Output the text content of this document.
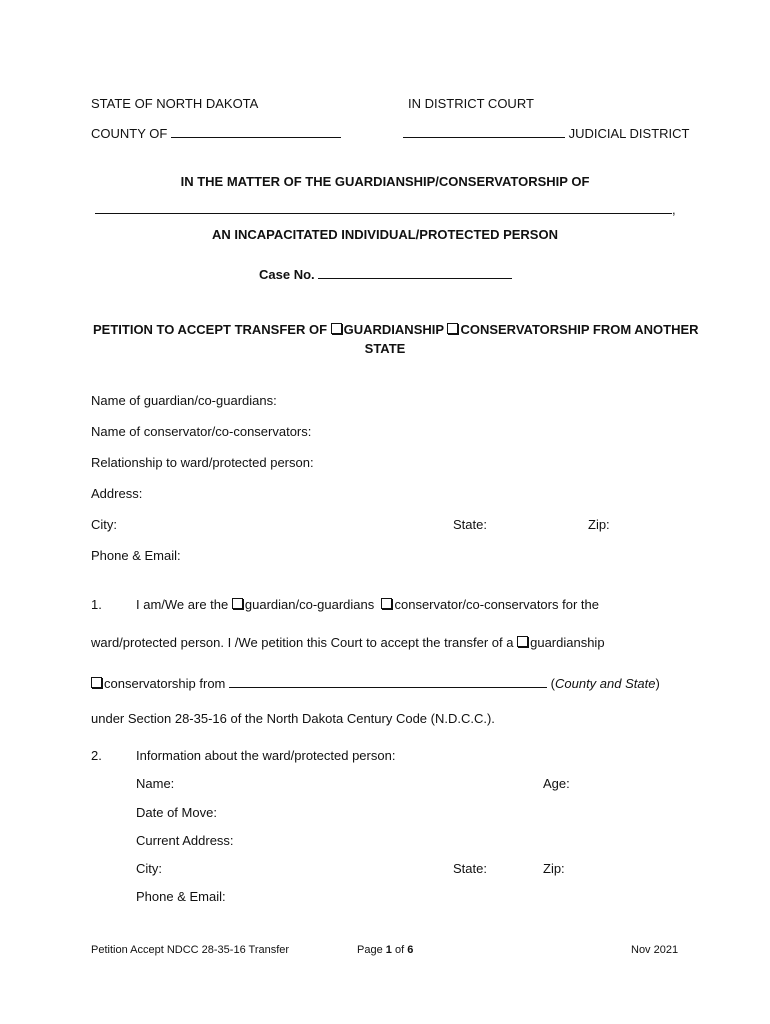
STATE OF NORTH DAKOTA	IN DISTRICT COURT
COUNTY OF	JUDICIAL DISTRICT
IN THE MATTER OF THE GUARDIANSHIP/CONSERVATORSHIP OF
,
AN INCAPACITATED INDIVIDUAL/PROTECTED PERSON
Case No.
PETITION TO ACCEPT TRANSFER OF GUARDIANSHIP CONSERVATORSHIP FROM ANOTHER
STATE
Name of guardian/co-guardians:
Name of conservator/co-conservators:
Relationship to ward/protected person:
Address:
City:	State:	Zip:
Phone & Email:
1.	I am/We are the guardian/co-guardians conservator/co-conservators for the
ward/protected person. I /We petition this Court to accept the transfer of a guardianship
conservatorship from	(County and State)
under Section 28-35-16 of the North Dakota Century Code (N.D.C.C.).
2.	Information about the ward/protected person:
Name:	Age:
Date of Move:
Current Address:
City:	State:	Zip:
Phone & Email:
Petition Accept NDCC 28-35-16 Transfer	Page 1 of 6	Nov 2021
